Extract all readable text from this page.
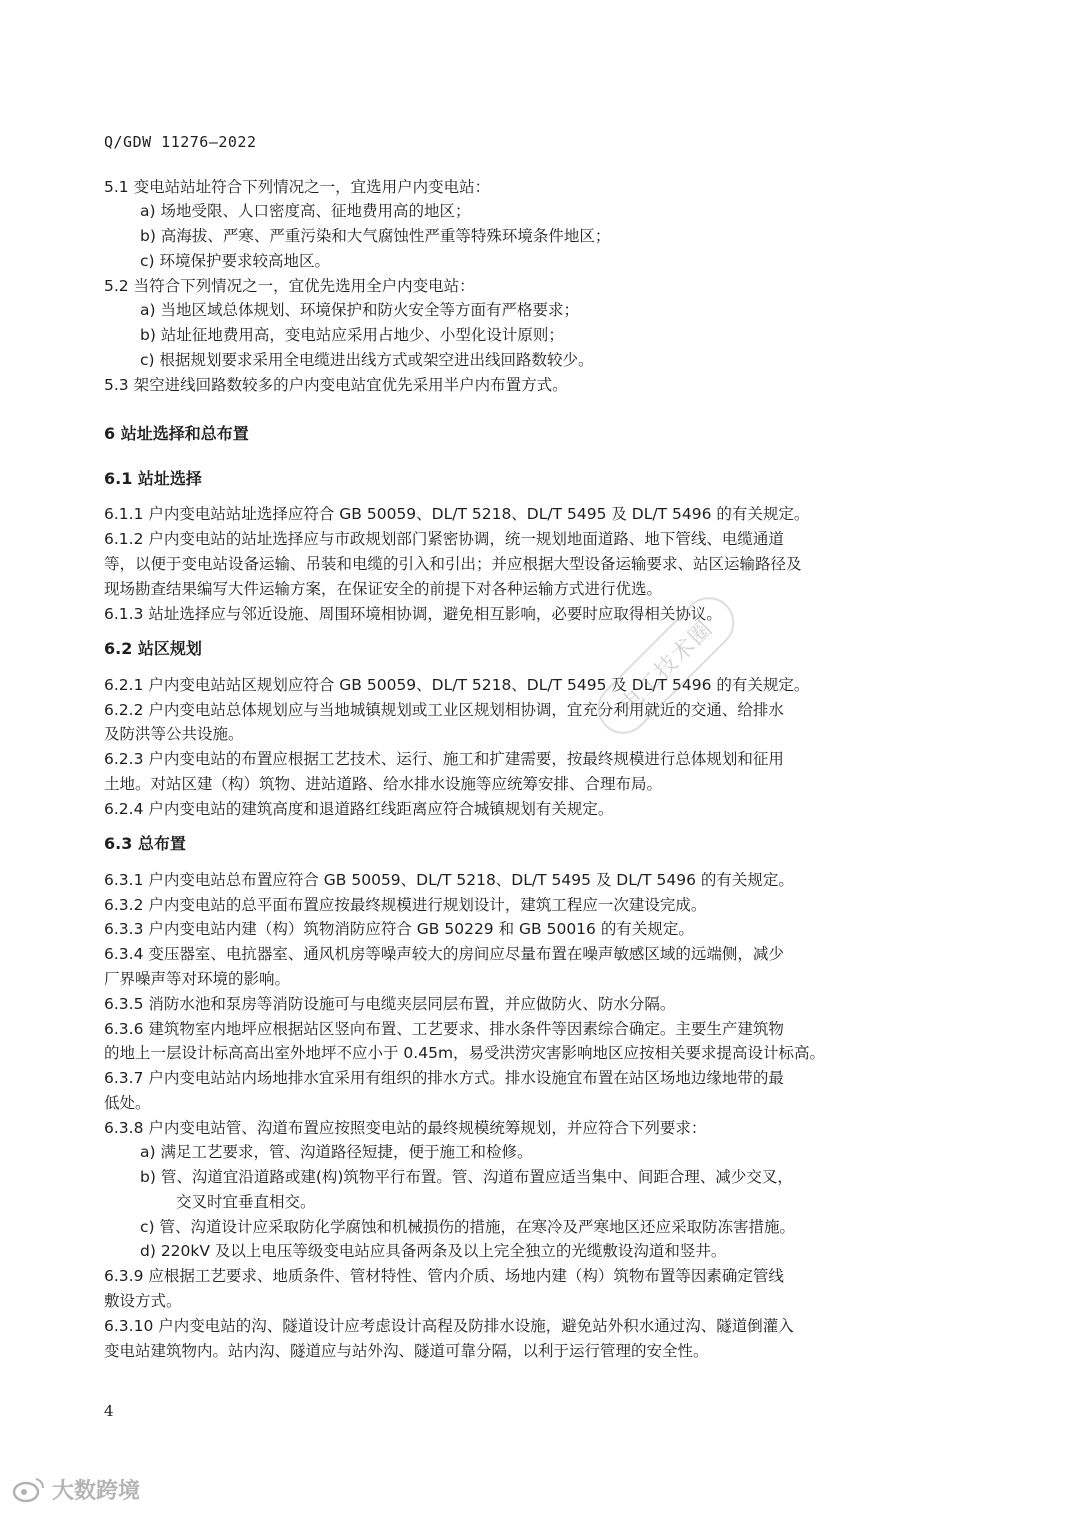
Q/GDW 11276—2022
5.1 变电站站址符合下列情况之一，宜选用户内变电站：
a) 场地受限、人口密度高、征地费用高的地区；
b) 高海拔、严寒、严重污染和大气腐蚀性严重等特殊环境条件地区；
c) 环境保护要求较高地区。
5.2 当符合下列情况之一，宜优先选用全户内变电站：
a) 当地区域总体规划、环境保护和防火安全等方面有严格要求；
b) 站址征地费用高，变电站应采用占地少、小型化设计原则；
c) 根据规划要求采用全电缆进出线方式或架空进出线回路数较少。
5.3 架空进线回路数较多的户内变电站宜优先采用半户内布置方式。
6 站址选择和总布置
6.1 站址选择
6.1.1 户内变电站站址选择应符合 GB 50059、DL/T 5218、DL/T 5495 及 DL/T 5496 的有关规定。
6.1.2 户内变电站的站址选择应与市政规划部门紧密协调，统一规划地面道路、地下管线、电缆通道
等，以便于变电站设备运输、吊装和电缆的引入和引出；并应根据大型设备运输要求、站区运输路径及
现场勘查结果编写大件运输方案，在保证安全的前提下对各种运输方式进行优选。
6.1.3 站址选择应与邻近设施、周围环境相协调，避免相互影响，必要时应取得相关协议。
6.2 站区规划
6.2.1 户内变电站站区规划应符合 GB 50059、DL/T 5218、DL/T 5495 及 DL/T 5496 的有关规定。
6.2.2 户内变电站总体规划应与当地城镇规划或工业区规划相协调，宜充分利用就近的交通、给排水
及防洪等公共设施。
6.2.3 户内变电站的布置应根据工艺技术、运行、施工和扩建需要，按最终规模进行总体规划和征用
土地。对站区建（构）筑物、进站道路、给水排水设施等应统筹安排、合理布局。
6.2.4 户内变电站的建筑高度和退道路红线距离应符合城镇规划有关规定。
6.3 总布置
6.3.1 户内变电站总布置应符合 GB 50059、DL/T 5218、DL/T 5495 及 DL/T 5496 的有关规定。
6.3.2 户内变电站的总平面布置应按最终规模进行规划设计，建筑工程应一次建设完成。
6.3.3 户内变电站内建（构）筑物消防应符合 GB 50229 和 GB 50016 的有关规定。
6.3.4 变压器室、电抗器室、通风机房等噪声较大的房间应尽量布置在噪声敏感区域的远端侧，减少
厂界噪声等对环境的影响。
6.3.5 消防水池和泵房等消防设施可与电缆夹层同层布置，并应做防火、防水分隔。
6.3.6 建筑物室内地坪应根据站区竖向布置、工艺要求、排水条件等因素综合确定。主要生产建筑物
的地上一层设计标高高出室外地坪不应小于 0.45m，易受洪涝灾害影响地区应按相关要求提高设计标高。
6.3.7 户内变电站站内场地排水宜采用有组织的排水方式。排水设施宜布置在站区场地边缘地带的最
低处。
6.3.8 户内变电站管、沟道布置应按照变电站的最终规模统筹规划，并应符合下列要求：
a) 满足工艺要求，管、沟道路径短捷，便于施工和检修。
b) 管、沟道宜沿道路或建(构)筑物平行布置。管、沟道布置应适当集中、间距合理、减少交叉，
交叉时宜垂直相交。
c) 管、沟道设计应采取防化学腐蚀和机械损伤的措施，在寒冷及严寒地区还应采取防冻害措施。
d) 220kV 及以上电压等级变电站应具备两条及以上完全独立的光缆敷设沟道和竖井。
6.3.9 应根据工艺要求、地质条件、管材特性、管内介质、场地内建（构）筑物布置等因素确定管线
敷设方式。
6.3.10 户内变电站的沟、隧道设计应考虑设计高程及防排水设施，避免站外积水通过沟、隧道倒灌入
变电站建筑物内。站内沟、隧道应与站外沟、隧道可靠分隔，以利于运行管理的安全性。
电工技术圈
4
大数跨境
